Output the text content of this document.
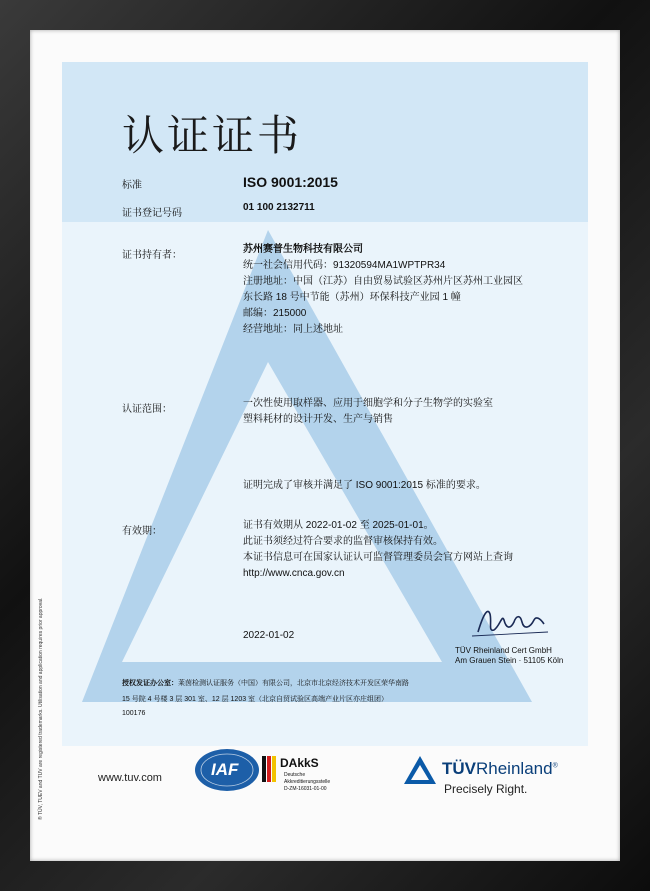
认证证书
标准	ISO 9001:2015
证书登记号码
01 100 2132711
证书持有者：
苏州赛普生物科技有限公司
统一社会信用代码：91320594MA1WPTPR34
注册地址：中国（江苏）自由贸易试验区苏州片区苏州工业园区
东长路 18 号中节能（苏州）环保科技产业园 1 幢
邮编：215000
经营地址：同上述地址
认证范围：
一次性使用取样器、应用于细胞学和分子生物学的实验室
塑料耗材的设计开发、生产与销售
证明完成了审核并满足了 ISO 9001:2015 标准的要求。
有效期：
证书有效期从 2022-01-02 至 2025-01-01。
此证书须经过符合要求的监督审核保持有效。
本证书信息可在国家认证认可监督管理委员会官方网站上查询
http://www.cnca.gov.cn
2022-01-02
TÜV Rheinland Cert GmbH
Am Grauen Stein · 51105 Köln
授权发证办公室：莱茵检测认证服务（中国）有限公司，北京市北京经济技术开发区荣华南路
15 号院 4 号楼 3 层 301 室、12 层 1203 室（北京自贸试验区高端产业片区亦庄组团）
100176
www.tuv.com	IAF	DAkkS
Deutsche
Akkreditierungsstelle
D-ZM-16031-01-00
TÜVRheinland®
Precisely Right.
® TÜV, TUEV and TUV are registered trademarks. Utilisation and application requires prior approval.
